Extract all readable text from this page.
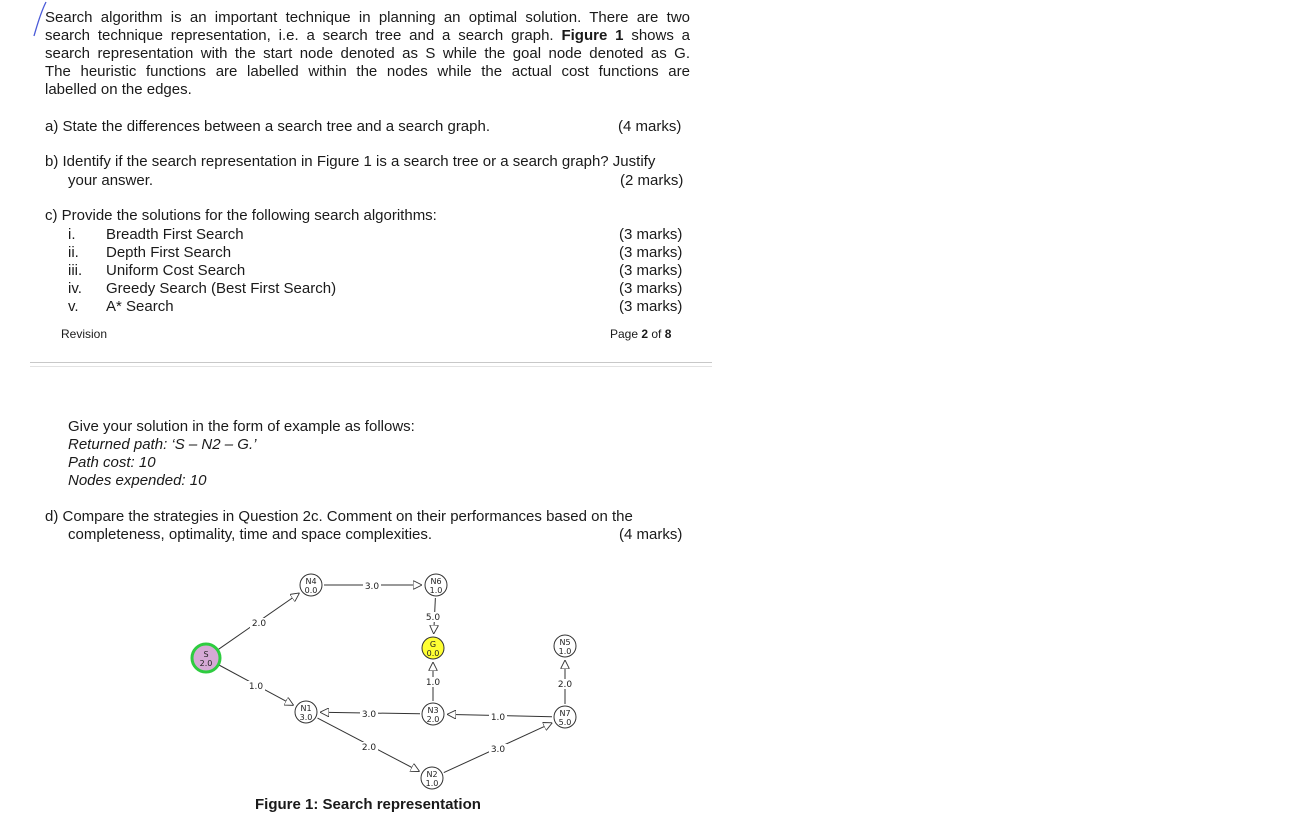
Search algorithm is an important technique in planning an optimal solution. There are two
search technique representation, i.e. a search tree and a search graph. Figure 1 shows a
search representation with the start node denoted as S while the goal node denoted as G.
The heuristic functions are labelled within the nodes while the actual cost functions are
labelled on the edges.
a) State the differences between a search tree and a search graph.	(4 marks)
b) Identify if the search representation in Figure 1 is a search tree or a search graph? Justify
your answer.	(2 marks)
c) Provide the solutions for the following search algorithms:
i. Breadth First Search	(3 marks)
ii. Depth First Search	(3 marks)
iii. Uniform Cost Search	(3 marks)
iv. Greedy Search (Best First Search)	(3 marks)
v. A* Search	(3 marks)
Revision	Page 2 of 8
Give your solution in the form of example as follows:
Returned path: ‘S – N2 – G.’
Path cost: 10
Nodes expended: 10
d) Compare the strategies in Question 2c. Comment on their performances based on the
completeness, optimality, time and space complexities.	(4 marks)
2.0
1.0
3.0
5.0
1.0
3.0	1.0
2.0
2.0	3.0
S
2.0
N4
0.0
N6
1.0
G
0.0
N5
1.0
N1
3.0
N3
2.0
N7
5.0
N2
1.0
Figure 1: Search representation
